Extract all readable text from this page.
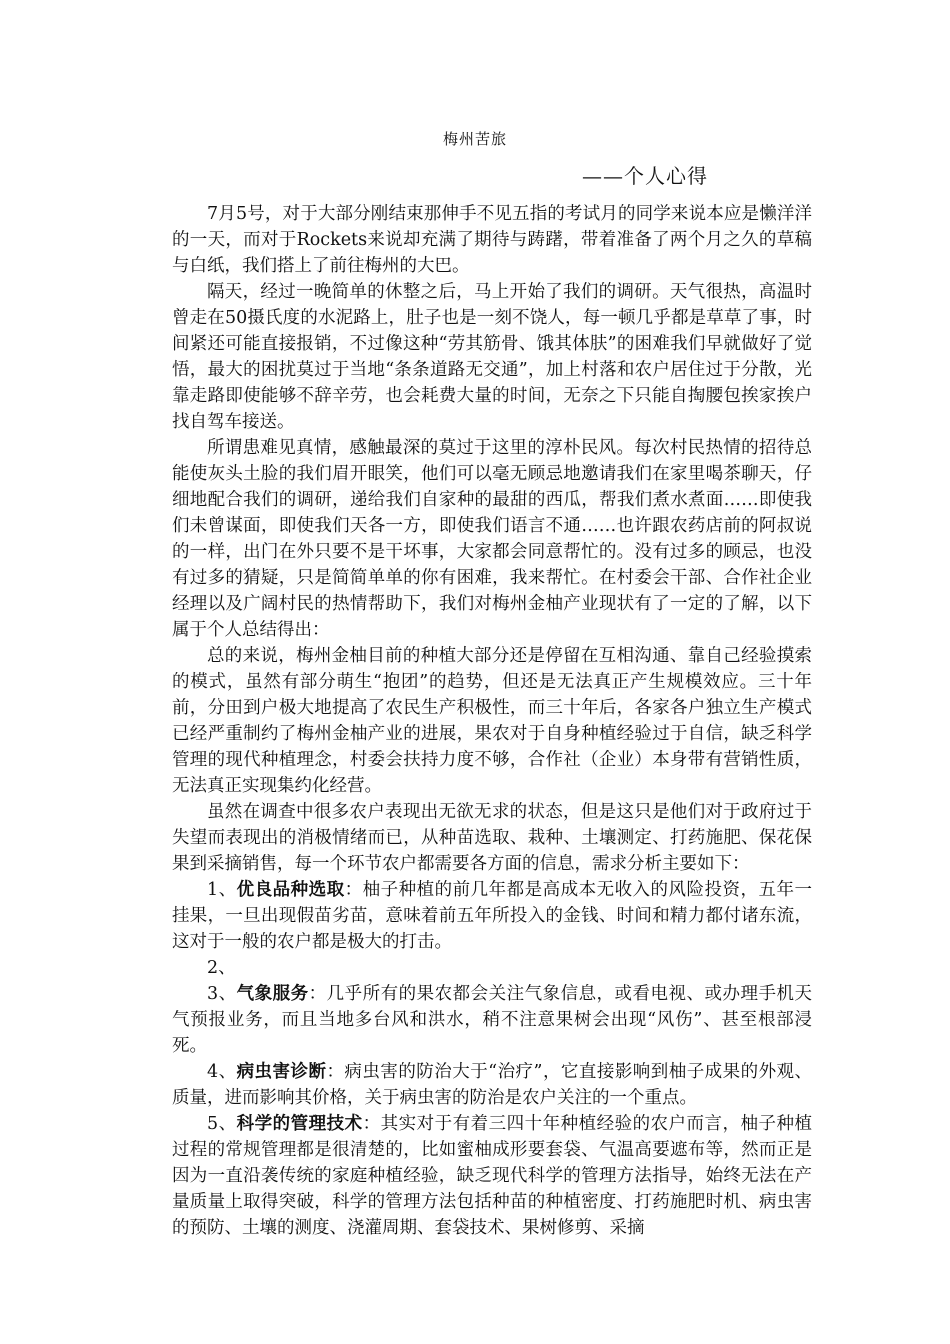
梅州苦旅
——个人心得

7月5号，对于大部分刚结束那伸手不见五指的考试月的同学来说本应是懒洋洋的一天，而对于Rockets来说却充满了期待与踌躇，带着准备了两个月之久的草稿与白纸，我们搭上了前往梅州的大巴。

隔天，经过一晚简单的休整之后，马上开始了我们的调研。天气很热，高温时曾走在50摄氏度的水泥路上，肚子也是一刻不饶人，每一顿几乎都是草草了事，时间紧还可能直接报销，不过像这种“劳其筋骨、饿其体肤”的困难我们早就做好了觉悟，最大的困扰莫过于当地“条条道路无交通”，加上村落和农户居住过于分散，光靠走路即使能够不辞辛劳，也会耗费大量的时间，无奈之下只能自掏腰包挨家挨户找自驾车接送。

所谓患难见真情，感触最深的莫过于这里的淳朴民风。每次村民热情的招待总能使灰头土脸的我们眉开眼笑，他们可以毫无顾忌地邀请我们在家里喝茶聊天，仔细地配合我们的调研，递给我们自家种的最甜的西瓜，帮我们煮水煮面……即使我们未曾谋面，即使我们天各一方，即使我们语言不通……也许跟农药店前的阿叔说的一样，出门在外只要不是干坏事，大家都会同意帮忙的。没有过多的顾忌，也没有过多的猜疑，只是简简单单的你有困难，我来帮忙。在村委会干部、合作社企业经理以及广阔村民的热情帮助下，我们对梅州金柚产业现状有了一定的了解，以下属于个人总结得出：

总的来说，梅州金柚目前的种植大部分还是停留在互相沟通、靠自己经验摸索的模式，虽然有部分萌生“抱团”的趋势，但还是无法真正产生规模效应。三十年前，分田到户极大地提高了农民生产积极性，而三十年后，各家各户独立生产模式已经严重制约了梅州金柚产业的进展，果农对于自身种植经验过于自信，缺乏科学管理的现代种植理念，村委会扶持力度不够，合作社（企业）本身带有营销性质，无法真正实现集约化经营。

虽然在调查中很多农户表现出无欲无求的状态，但是这只是他们对于政府过于失望而表现出的消极情绪而已，从种苗选取、栽种、土壤测定、打药施肥、保花保果到采摘销售，每一个环节农户都需要各方面的信息，需求分析主要如下：

1、优良品种选取：柚子种植的前几年都是高成本无收入的风险投资，五年一挂果，一旦出现假苗劣苗，意味着前五年所投入的金钱、时间和精力都付诸东流，这对于一般的农户都是极大的打击。

2、

3、气象服务：几乎所有的果农都会关注气象信息，或看电视、或办理手机天气预报业务，而且当地多台风和洪水，稍不注意果树会出现“风伤”、甚至根部浸死。

4、病虫害诊断：病虫害的防治大于“治疗”，它直接影响到柚子成果的外观、质量，进而影响其价格，关于病虫害的防治是农户关注的一个重点。

5、科学的管理技术：其实对于有着三四十年种植经验的农户而言，柚子种植过程的常规管理都是很清楚的，比如蜜柚成形要套袋、气温高要遮布等，然而正是因为一直沿袭传统的家庭种植经验，缺乏现代科学的管理方法指导，始终无法在产量质量上取得突破，科学的管理方法包括种苗的种植密度、打药施肥时机、病虫害的预防、土壤的测度、浇灌周期、套袋技术、果树修剪、采摘
